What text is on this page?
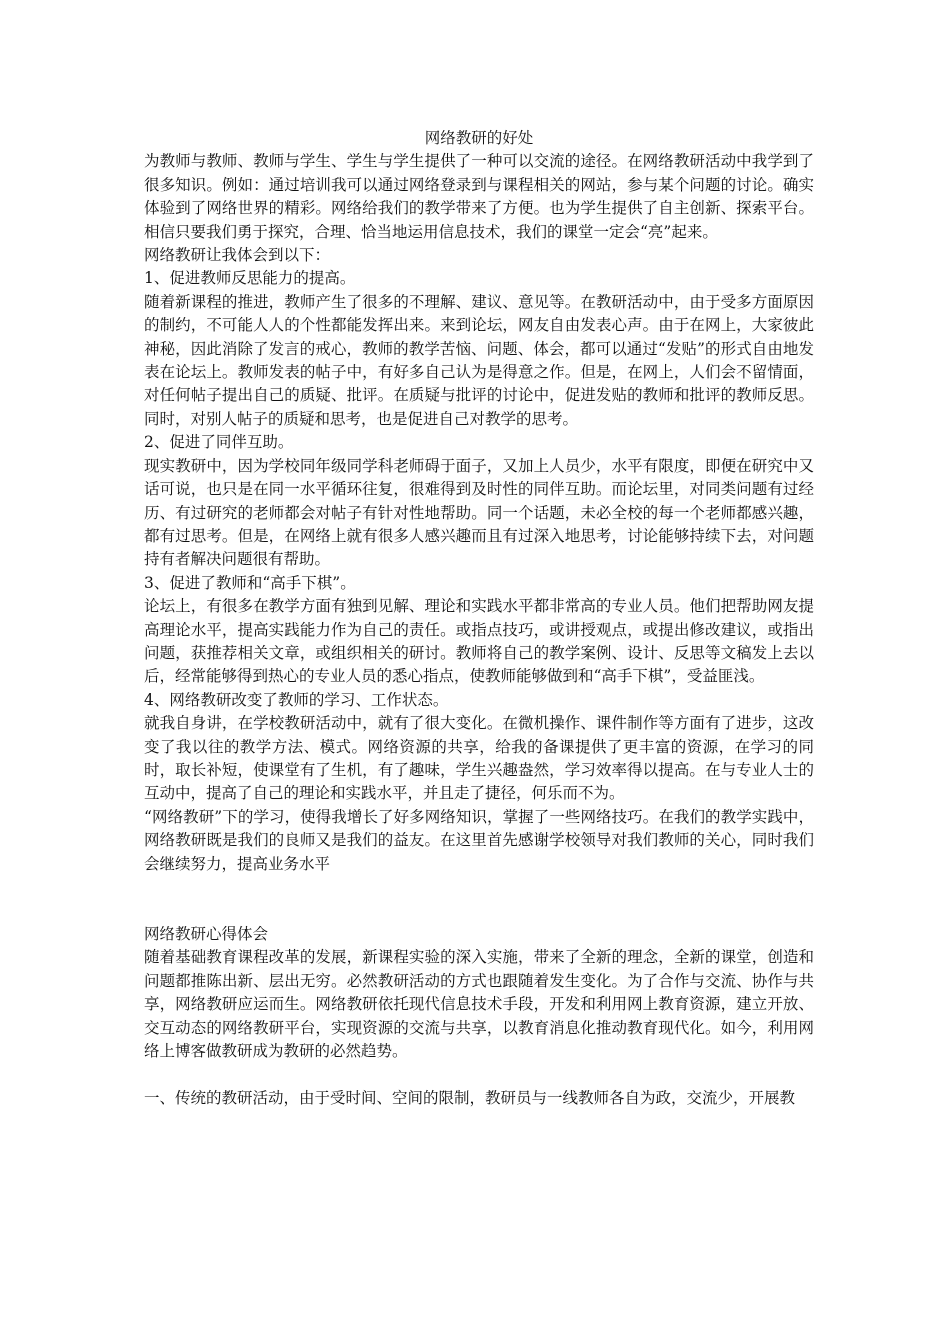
网络教研的好处

为教师与教师、教师与学生、学生与学生提供了一种可以交流的途径。在网络教研活动中我学到了很多知识。例如：通过培训我可以通过网络登录到与课程相关的网站，参与某个问题的讨论。确实体验到了网络世界的精彩。网络给我们的教学带来了方便。也为学生提供了自主创新、探索平台。相信只要我们勇于探究，合理、恰当地运用信息技术，我们的课堂一定会“亮”起来。

网络教研让我体会到以下：

1、促进教师反思能力的提高。

随着新课程的推进，教师产生了很多的不理解、建议、意见等。在教研活动中，由于受多方面原因的制约，不可能人人的个性都能发挥出来。来到论坛，网友自由发表心声。由于在网上，大家彼此神秘，因此消除了发言的戒心，教师的教学苦恼、问题、体会，都可以通过“发贴”的形式自由地发表在论坛上。教师发表的帖子中，有好多自己认为是得意之作。但是，在网上，人们会不留情面，对任何帖子提出自己的质疑、批评。在质疑与批评的讨论中，促进发贴的教师和批评的教师反思。同时，对别人帖子的质疑和思考，也是促进自己对教学的思考。

2、促进了同伴互助。

现实教研中，因为学校同年级同学科老师碍于面子，又加上人员少，水平有限度，即便在研究中又话可说，也只是在同一水平循环往复，很难得到及时性的同伴互助。而论坛里，对同类问题有过经历、有过研究的老师都会对帖子有针对性地帮助。同一个话题，未必全校的每一个老师都感兴趣，都有过思考。但是，在网络上就有很多人感兴趣而且有过深入地思考，讨论能够持续下去，对问题持有者解决问题很有帮助。

3、促进了教师和“高手下棋”。

论坛上，有很多在教学方面有独到见解、理论和实践水平都非常高的专业人员。他们把帮助网友提高理论水平，提高实践能力作为自己的责任。或指点技巧，或讲授观点，或提出修改建议，或指出问题，获推荐相关文章，或组织相关的研讨。教师将自己的教学案例、设计、反思等文稿发上去以后，经常能够得到热心的专业人员的悉心指点，使教师能够做到和“高手下棋”，受益匪浅。

4、网络教研改变了教师的学习、工作状态。

就我自身讲，在学校教研活动中，就有了很大变化。在微机操作、课件制作等方面有了进步，这改变了我以往的教学方法、模式。网络资源的共享，给我的备课提供了更丰富的资源，在学习的同时，取长补短，使课堂有了生机，有了趣味，学生兴趣盎然，学习效率得以提高。在与专业人士的互动中，提高了自己的理论和实践水平，并且走了捷径，何乐而不为。

“网络教研”下的学习，使得我增长了好多网络知识，掌握了一些网络技巧。在我们的教学实践中，网络教研既是我们的良师又是我们的益友。在这里首先感谢学校领导对我们教师的关心，同时我们会继续努力，提高业务水平

网络教研心得体会

随着基础教育课程改革的发展，新课程实验的深入实施，带来了全新的理念，全新的课堂，创造和问题都推陈出新、层出无穷。必然教研活动的方式也跟随着发生变化。为了合作与交流、协作与共享，网络教研应运而生。网络教研依托现代信息技术手段，开发和利用网上教育资源，建立开放、交互动态的网络教研平台，实现资源的交流与共享，以教育消息化推动教育现代化。如今，利用网络上博客做教研成为教研的必然趋势。

一、传统的教研活动，由于受时间、空间的限制，教研员与一线教师各自为政，交流少，开展教
